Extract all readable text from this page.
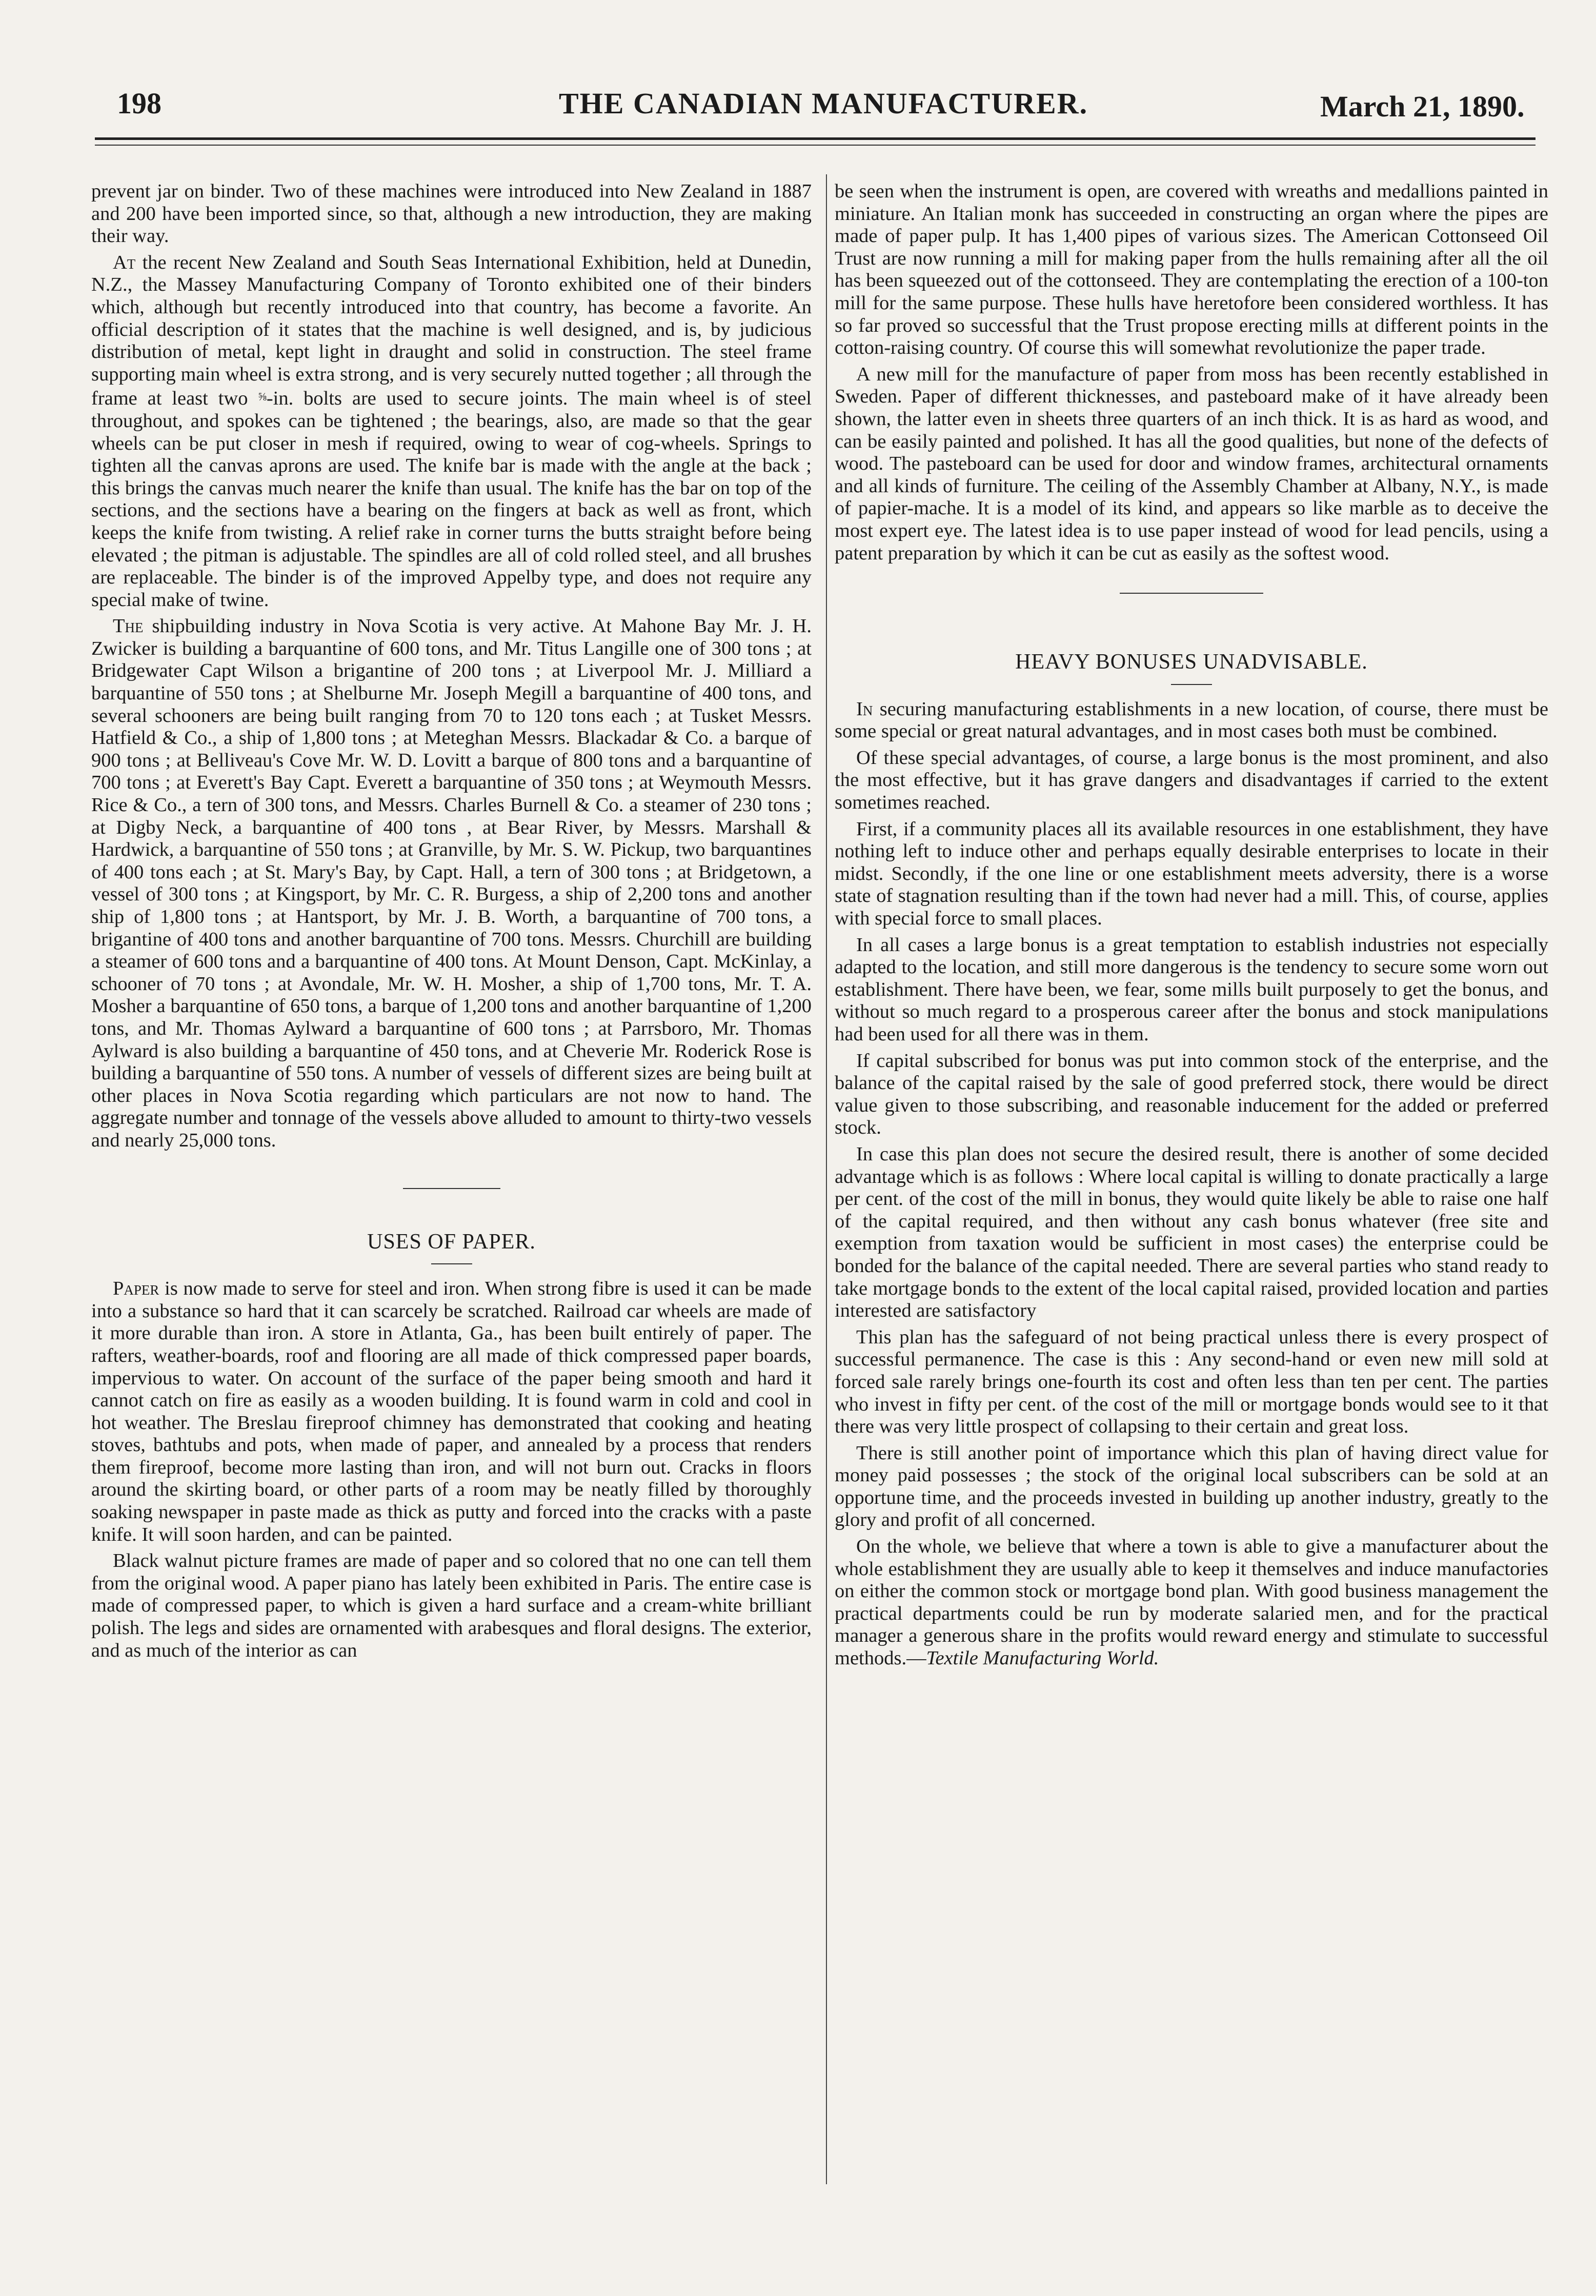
198	THE CANADIAN MANUFACTURER.	March 21, 1890.

prevent jar on binder. Two of these machines were introduced into New Zealand in 1887 and 200 have been imported since, so that, although a new introduction, they are making their way.

At the recent New Zealand and South Seas International Exhibition, held at Dunedin, N.Z., the Massey Manufacturing Company of Toronto exhibited one of their binders which, although but recently introduced into that country, has become a favorite. An official description of it states that the machine is well designed, and is, by judicious distribution of metal, kept light in draught and solid in construction. The steel frame supporting main wheel is extra strong, and is very securely nutted together ; all through the frame at least two $^{\frac{5}{8}}$-in. bolts are used to secure joints. The main wheel is of steel throughout, and spokes can be tightened ; the bearings, also, are made so that the gear wheels can be put closer in mesh if required, owing to wear of cog-wheels. Springs to tighten all the canvas aprons are used. The knife bar is made with the angle at the back ; this brings the canvas much nearer the knife than usual. The knife has the bar on top of the sections, and the sections have a bearing on the fingers at back as well as front, which keeps the knife from twisting. A relief rake in corner turns the butts straight before being elevated ; the pitman is adjustable. The spindles are all of cold rolled steel, and all brushes are replaceable. The binder is of the improved Appelby type, and does not require any special make of twine.

The shipbuilding industry in Nova Scotia is very active. At Mahone Bay Mr. J. H. Zwicker is building a barquantine of 600 tons, and Mr. Titus Langille one of 300 tons ; at Bridgewater Capt Wilson a brigantine of 200 tons ; at Liverpool Mr. J. Milliard a barquantine of 550 tons ; at Shelburne Mr. Joseph Megill a barquantine of 400 tons, and several schooners are being built ranging from 70 to 120 tons each ; at Tusket Messrs. Hatfield & Co., a ship of 1,800 tons ; at Meteghan Messrs. Blackadar & Co. a barque of 900 tons ; at Belliveau's Cove Mr. W. D. Lovitt a barque of 800 tons and a barquantine of 700 tons ; at Everett's Bay Capt. Everett a barquantine of 350 tons ; at Weymouth Messrs. Rice & Co., a tern of 300 tons, and Messrs. Charles Burnell & Co. a steamer of 230 tons ; at Digby Neck, a barquantine of 400 tons , at Bear River, by Messrs. Marshall & Hardwick, a barquantine of 550 tons ; at Granville, by Mr. S. W. Pickup, two barquantines of 400 tons each ; at St. Mary's Bay, by Capt. Hall, a tern of 300 tons ; at Bridgetown, a vessel of 300 tons ; at Kingsport, by Mr. C. R. Burgess, a ship of 2,200 tons and another ship of 1,800 tons ; at Hantsport, by Mr. J. B. Worth, a barquantine of 700 tons, a brigantine of 400 tons and another barquantine of 700 tons. Messrs. Churchill are building a steamer of 600 tons and a barquantine of 400 tons. At Mount Denson, Capt. McKinlay, a schooner of 70 tons ; at Avondale, Mr. W. H. Mosher, a ship of 1,700 tons, Mr. T. A. Mosher a barquantine of 650 tons, a barque of 1,200 tons and another barquantine of 1,200 tons, and Mr. Thomas Aylward a barquantine of 600 tons ; at Parrsboro, Mr. Thomas Aylward is also building a barquantine of 450 tons, and at Cheverie Mr. Roderick Rose is building a barquantine of 550 tons. A number of vessels of different sizes are being built at other places in Nova Scotia regarding which particulars are not now to hand. The aggregate number and tonnage of the vessels above alluded to amount to thirty-two vessels and nearly 25,000 tons.

USES OF PAPER.

Paper is now made to serve for steel and iron. When strong fibre is used it can be made into a substance so hard that it can scarcely be scratched. Railroad car wheels are made of it more durable than iron. A store in Atlanta, Ga., has been built entirely of paper. The rafters, weather-boards, roof and flooring are all made of thick compressed paper boards, impervious to water. On account of the surface of the paper being smooth and hard it cannot catch on fire as easily as a wooden building. It is found warm in cold and cool in hot weather. The Breslau fireproof chimney has demonstrated that cooking and heating stoves, bathtubs and pots, when made of paper, and annealed by a process that renders them fireproof, become more lasting than iron, and will not burn out. Cracks in floors around the skirting board, or other parts of a room may be neatly filled by thoroughly soaking newspaper in paste made as thick as putty and forced into the cracks with a paste knife. It will soon harden, and can be painted.

Black walnut picture frames are made of paper and so colored that no one can tell them from the original wood. A paper piano has lately been exhibited in Paris. The entire case is made of compressed paper, to which is given a hard surface and a cream-white brilliant polish. The legs and sides are ornamented with arabesques and floral designs. The exterior, and as much of the interior as can

be seen when the instrument is open, are covered with wreaths and medallions painted in miniature. An Italian monk has succeeded in constructing an organ where the pipes are made of paper pulp. It has 1,400 pipes of various sizes. The American Cottonseed Oil Trust are now running a mill for making paper from the hulls remaining after all the oil has been squeezed out of the cottonseed. They are contemplating the erection of a 100-ton mill for the same purpose. These hulls have heretofore been considered worthless. It has so far proved so successful that the Trust propose erecting mills at different points in the cotton-raising country. Of course this will somewhat revolutionize the paper trade.

A new mill for the manufacture of paper from moss has been recently established in Sweden. Paper of different thicknesses, and pasteboard make of it have already been shown, the latter even in sheets three quarters of an inch thick. It is as hard as wood, and can be easily painted and polished. It has all the good qualities, but none of the defects of wood. The pasteboard can be used for door and window frames, architectural ornaments and all kinds of furniture. The ceiling of the Assembly Chamber at Albany, N.Y., is made of papier-mache. It is a model of its kind, and appears so like marble as to deceive the most expert eye. The latest idea is to use paper instead of wood for lead pencils, using a patent preparation by which it can be cut as easily as the softest wood.

HEAVY BONUSES UNADVISABLE.

In securing manufacturing establishments in a new location, of course, there must be some special or great natural advantages, and in most cases both must be combined.

Of these special advantages, of course, a large bonus is the most prominent, and also the most effective, but it has grave dangers and disadvantages if carried to the extent sometimes reached.

First, if a community places all its available resources in one establishment, they have nothing left to induce other and perhaps equally desirable enterprises to locate in their midst. Secondly, if the one line or one establishment meets adversity, there is a worse state of stagnation resulting than if the town had never had a mill. This, of course, applies with special force to small places.

In all cases a large bonus is a great temptation to establish industries not especially adapted to the location, and still more dangerous is the tendency to secure some worn out establishment. There have been, we fear, some mills built purposely to get the bonus, and without so much regard to a prosperous career after the bonus and stock manipulations had been used for all there was in them.

If capital subscribed for bonus was put into common stock of the enterprise, and the balance of the capital raised by the sale of good preferred stock, there would be direct value given to those subscribing, and reasonable inducement for the added or preferred stock.

In case this plan does not secure the desired result, there is another of some decided advantage which is as follows : Where local capital is willing to donate practically a large per cent. of the cost of the mill in bonus, they would quite likely be able to raise one half of the capital required, and then without any cash bonus whatever (free site and exemption from taxation would be sufficient in most cases) the enterprise could be bonded for the balance of the capital needed. There are several parties who stand ready to take mortgage bonds to the extent of the local capital raised, provided location and parties interested are satisfactory

This plan has the safeguard of not being practical unless there is every prospect of successful permanence. The case is this : Any second-hand or even new mill sold at forced sale rarely brings one-fourth its cost and often less than ten per cent. The parties who invest in fifty per cent. of the cost of the mill or mortgage bonds would see to it that there was very little prospect of collapsing to their certain and great loss.

There is still another point of importance which this plan of having direct value for money paid possesses ; the stock of the original local subscribers can be sold at an opportune time, and the proceeds invested in building up another industry, greatly to the glory and profit of all concerned.

On the whole, we believe that where a town is able to give a manufacturer about the whole establishment they are usually able to keep it themselves and induce manufactories on either the common stock or mortgage bond plan. With good business management the practical departments could be run by moderate salaried men, and for the practical manager a generous share in the profits would reward energy and stimulate to successful methods.—Textile Manufacturing World.
